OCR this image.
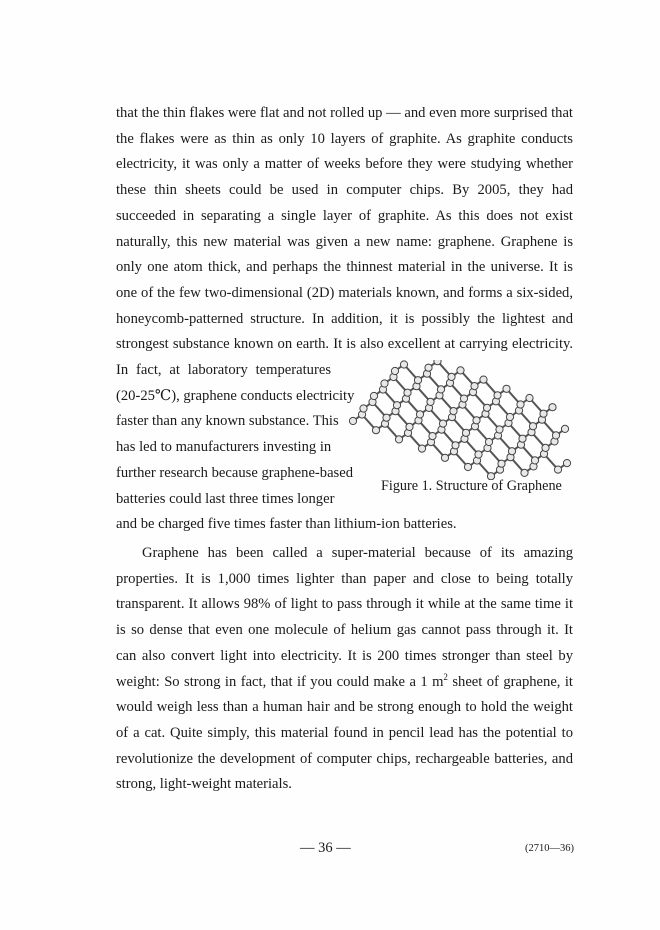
that the thin flakes were flat and not rolled up — and even more surprised that
the flakes were as thin as only 10 layers of graphite. As graphite conducts
electricity, it was only a matter of weeks before they were studying whether
these thin sheets could be used in computer chips. By 2005, they had
succeeded in separating a single layer of graphite. As this does not exist
naturally, this new material was given a new name: graphene. Graphene is
only one atom thick, and perhaps the thinnest material in the universe. It is
one of the few two-dimensional (2D) materials known, and forms a six-sided,
honeycomb-patterned structure. In addition, it is possibly the lightest and
strongest substance known on earth. It is also excellent at carrying electricity.
In fact, at laboratory temperatures
(20-25℃), graphene conducts electricity
faster than any known substance. This
has led to manufacturers investing in
further research because graphene-based
batteries could last three times longer
and be charged five times faster than lithium-ion batteries.
Figure 1. Structure of Graphene
Graphene has been called a super-material because of its amazing
properties. It is 1,000 times lighter than paper and close to being totally
transparent. It allows 98% of light to pass through it while at the same time it
is so dense that even one molecule of helium gas cannot pass through it. It
can also convert light into electricity. It is 200 times stronger than steel by
weight: So strong in fact, that if you could make a 1 $m^2$ sheet of graphene, it
would weigh less than a human hair and be strong enough to hold the weight
of a cat. Quite simply, this material found in pencil lead has the potential to
revolutionize the development of computer chips, rechargeable batteries, and
strong, light-weight materials.
— 36 —	(2710—36)
